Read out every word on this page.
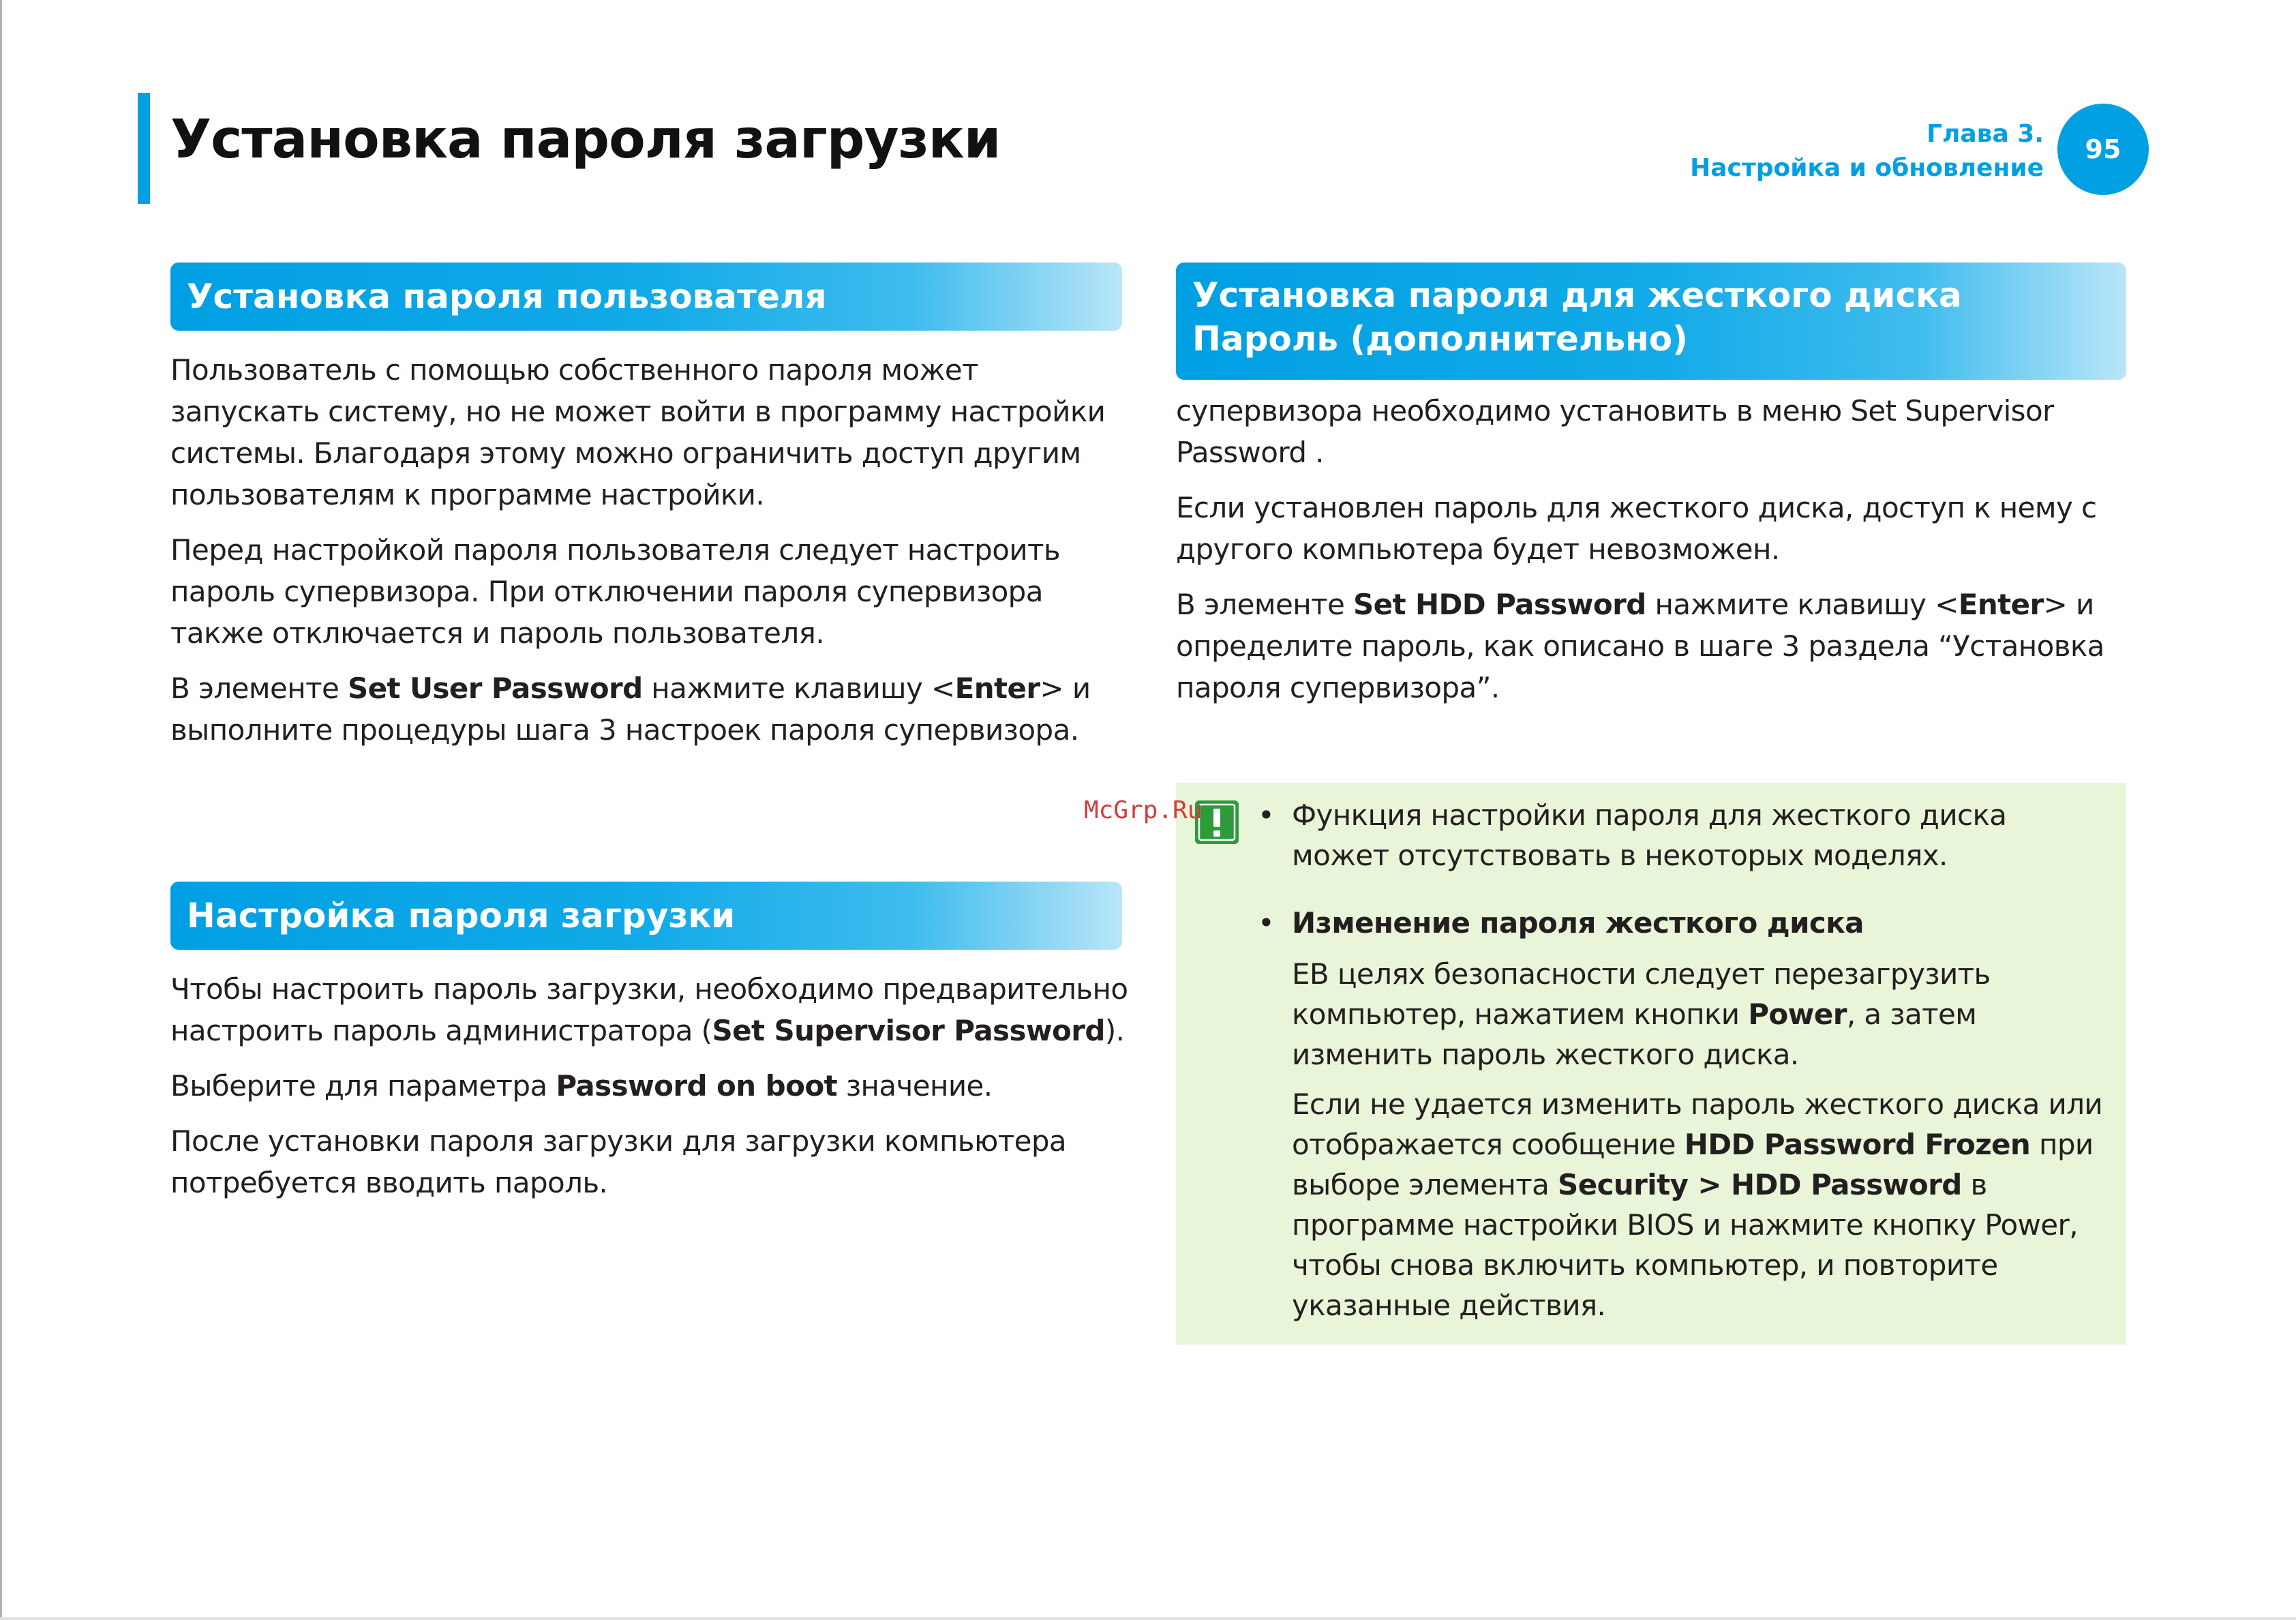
Установка пароля загрузки	Глава 3.
Настройка и обновление
95
Установка пароля пользователя

Пользователь с помощью собственного пароля может запускать систему, но не может войти в программу настройки системы. Благодаря этому можно ограничить доступ другим пользователям к программе настройки.

Перед настройкой пароля пользователя следует настроить пароль супервизора. При отключении пароля супервизора также отключается и пароль пользователя.

В элементе Set User Password нажмите клавишу <Enter> и выполните процедуры шага 3 настроек пароля супервизора.

Настройка пароля загрузки

Чтобы настроить пароль загрузки, необходимо предварительно настроить пароль администратора (Set Supervisor Password).

Выберите для параметра Password on boot значение.

После установки пароля загрузки для загрузки компьютера потребуется вводить пароль.

Установка пароля для жесткого диска Пароль (дополнительно)

супервизора необходимо установить в меню Set Supervisor Password .

Если установлен пароль для жесткого диска, доступ к нему с другого компьютера будет невозможен.

В элементе Set HDD Password нажмите клавишу <Enter> и определите пароль, как описано в шаге 3 раздела “Установка пароля супервизора”.

McGrp.Ru • Функция настройки пароля для жесткого диска может отсутствовать в некоторых моделях.

• Изменение пароля жесткого диска

EВ целях безопасности следует перезагрузить компьютер, нажатием кнопки Power, а затем изменить пароль жесткого диска.

Если не удается изменить пароль жесткого диска или отображается сообщение HDD Password Frozen при выборе элемента Security > HDD Password в программе настройки BIOS и нажмите кнопку Power, чтобы снова включить компьютер, и повторите указанные действия.
